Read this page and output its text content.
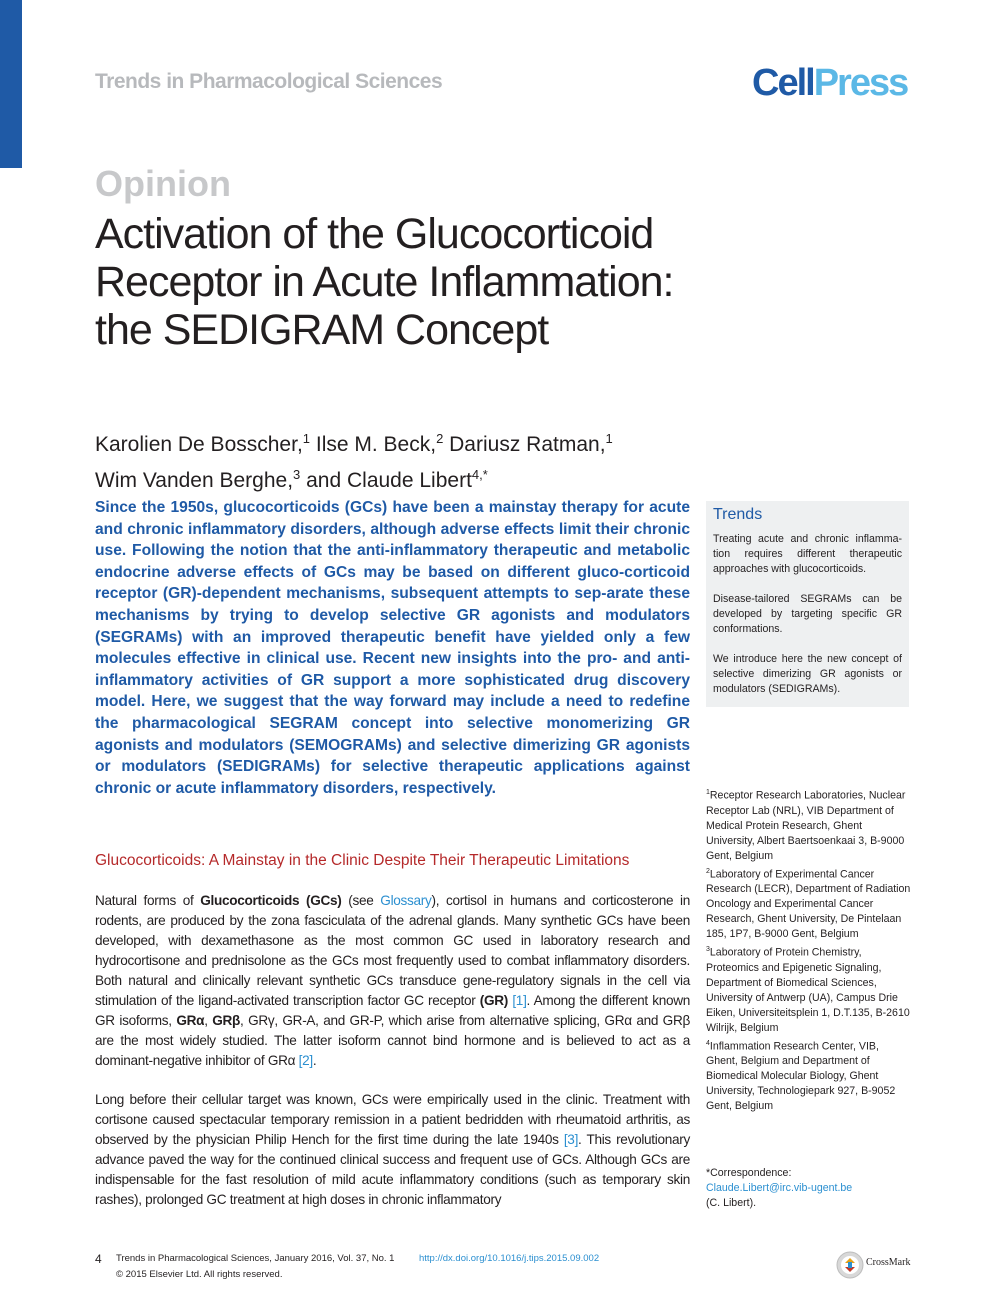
Trends in Pharmacological Sciences	CellPress
Opinion
Activation of the Glucocorticoid Receptor in Acute Inflammation: the SEDIGRAM Concept
Karolien De Bosscher,$^1$ Ilse M. Beck,$^2$ Dariusz Ratman,$^1$
Wim Vanden Berghe,$^3$ and Claude Libert$^{4,*}$
Since the 1950s, glucocorticoids (GCs) have been a mainstay therapy for acute and chronic inflammatory disorders, although adverse effects limit their chronic use. Following the notion that the anti-inflammatory therapeutic and metabolic endocrine adverse effects of GCs may be based on different gluco-corticoid receptor (GR)-dependent mechanisms, subsequent attempts to sep-arate these mechanisms by trying to develop selective GR agonists and modulators (SEGRAMs) with an improved therapeutic benefit have yielded only a few molecules effective in clinical use. Recent new insights into the pro- and anti-inflammatory activities of GR support a more sophisticated drug discovery model. Here, we suggest that the way forward may include a need to redefine the pharmacological SEGRAM concept into selective monomerizing GR agonists and modulators (SEMOGRAMs) and selective dimerizing GR agonists or modulators (SEDIGRAMs) for selective therapeutic applications against chronic or acute inflammatory disorders, respectively.
Trends
Treating acute and chronic inflamma-tion requires different therapeutic approaches with glucocorticoids.
Disease-tailored SEGRAMs can be developed by targeting specific GR conformations.
We introduce here the new concept of selective dimerizing GR agonists or modulators (SEDIGRAMs).
$^1$Receptor Research Laboratories, Nuclear Receptor Lab (NRL), VIB Department of Medical Protein Research, Ghent University, Albert Baertsoenkaai 3, B-9000 Gent, Belgium
$^2$Laboratory of Experimental Cancer Research (LECR), Department of Radiation Oncology and Experimental Cancer Research, Ghent University, De Pintelaan 185, 1P7, B-9000 Gent, Belgium
$^3$Laboratory of Protein Chemistry, Proteomics and Epigenetic Signaling, Department of Biomedical Sciences, University of Antwerp (UA), Campus Drie Eiken, Universiteitsplein 1, D.T.135, B-2610 Wilrijk, Belgium
$^4$Inflammation Research Center, VIB, Ghent, Belgium and Department of Biomedical Molecular Biology, Ghent University, Technologiepark 927, B-9052 Gent, Belgium
*Correspondence:
Claude.Libert@irc.vib-ugent.be
(C. Libert).
Glucocorticoids: A Mainstay in the Clinic Despite Their Therapeutic Limitations
Natural forms of Glucocorticoids (GCs) (see Glossary), cortisol in humans and corticosterone in rodents, are produced by the zona fasciculata of the adrenal glands. Many synthetic GCs have been developed, with dexamethasone as the most common GC used in laboratory research and hydrocortisone and prednisolone as the GCs most frequently used to combat inflammatory disorders. Both natural and clinically relevant synthetic GCs transduce gene-regulatory signals in the cell via stimulation of the ligand-activated transcription factor GC receptor (GR) [1]. Among the different known GR isoforms, GRα, GRβ, GRγ, GR-A, and GR-P, which arise from alternative splicing, GRα and GRβ are the most widely studied. The latter isoform cannot bind hormone and is believed to act as a dominant-negative inhibitor of GRα [2].
Long before their cellular target was known, GCs were empirically used in the clinic. Treatment with cortisone caused spectacular temporary remission in a patient bedridden with rheumatoid arthritis, as observed by the physician Philip Hench for the first time during the late 1940s [3]. This revolutionary advance paved the way for the continued clinical success and frequent use of GCs. Although GCs are indispensable for the fast resolution of mild acute inflammatory conditions (such as temporary skin rashes), prolonged GC treatment at high doses in chronic inflammatory
4 Trends in Pharmacological Sciences, January 2016, Vol. 37, No. 1	http://dx.doi.org/10.1016/j.tips.2015.09.002
© 2015 Elsevier Ltd. All rights reserved.
CrossMark
